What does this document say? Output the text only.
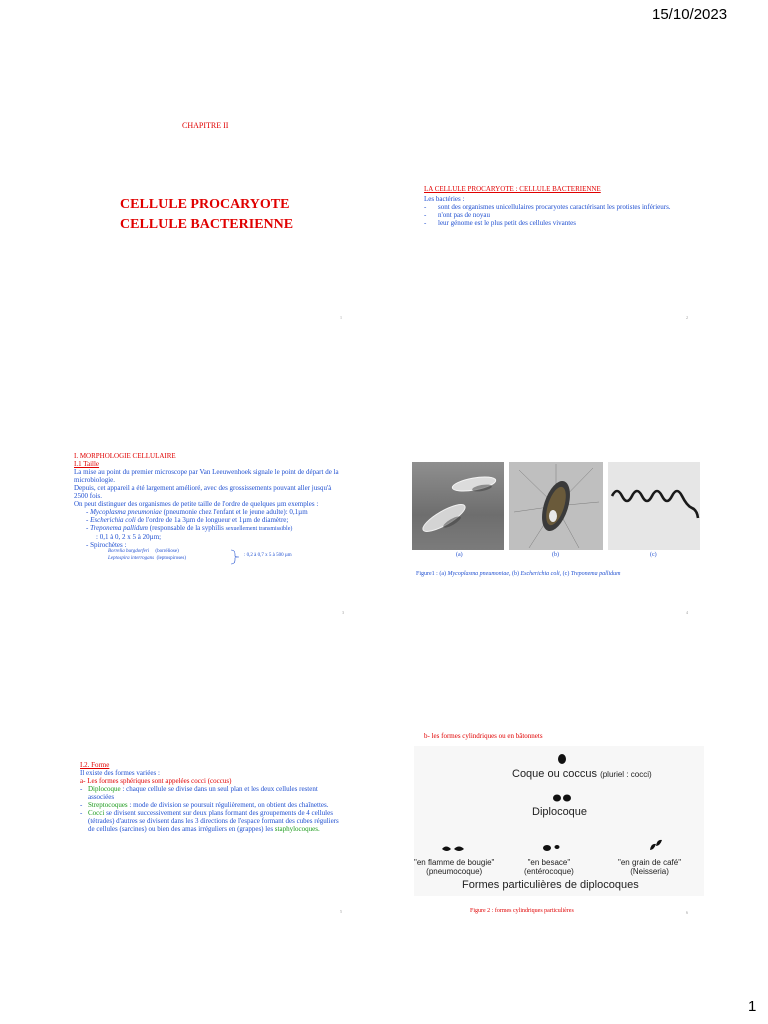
15/10/2023
1
CHAPITRE II
CELLULE PROCARYOTE
CELLULE BACTERIENNE
1
LA CELLULE PROCARYOTE : CELLULE BACTERIENNE
Les bactéries :
- sont des organismes unicellulaires procaryotes caractérisant les protistes inférieurs.
- n'ont pas de noyau
- leur génome est le plus petit des cellules vivantes
2
I. MORPHOLOGIE CELLULAIRE
I.1 Taille
La mise au point du premier microscope par Van Leeuwenhoek signale le point de départ de la microbiologie.
Depuis, cet appareil a été largement amélioré, avec des grossissements pouvant aller jusqu'à 2500 fois.
On peut distinguer des organismes de petite taille de l'ordre de quelques µm exemples :
- Mycoplasma pneumoniae (pneumonie chez l'enfant et le jeune adulte): 0,1µm
- Escherichia coli de l'ordre de 1a 3µm de longueur et 1µm de diamètre;
- Treponema pallidum (responsable de la syphilis sexuellement transmissible)
: 0,1 à 0, 2 x 5 à 20µm;
- Spirochètes :
Borrelia burgdorferi (borréliose)
Leptospira interrogans (leptospiroses)
: 0,2 à 0,7 x 5 à 500 µm
3
(a)	(b)	(c)
Figure1 : (a) Mycoplasma pneumoniae, (b) Escherichia coli, (c) Treponema pallidum
4
I.2. Forme
Il existe des formes variées :
a- Les formes sphériques sont appelées cocci (coccus)
- Diplocoque : chaque cellule se divise dans un seul plan et les deux cellules restent associées
- Streptocoques : mode de division se poursuit régulièrement, on obtient des chaînettes.
- Cocci se divisent successivement sur deux plans formant des groupements de 4 cellules (tétrades) d'autres se divisent dans les 3 directions de l'espace formant des cubes réguliers de cellules (sarcines) ou bien des amas irréguliers en (grappes) les staphylocoques.
5
b- les formes cylindriques ou en bâtonnets
Coque ou coccus (pluriel : cocci)
Diplocoque
"en flamme de bougie"
(pneumocoque)
"en besace"
(entérocoque)
"en grain de café"
(Neisseria)
Formes particulières de diplocoques
Figure 2 : formes cylindriques particulières	6
